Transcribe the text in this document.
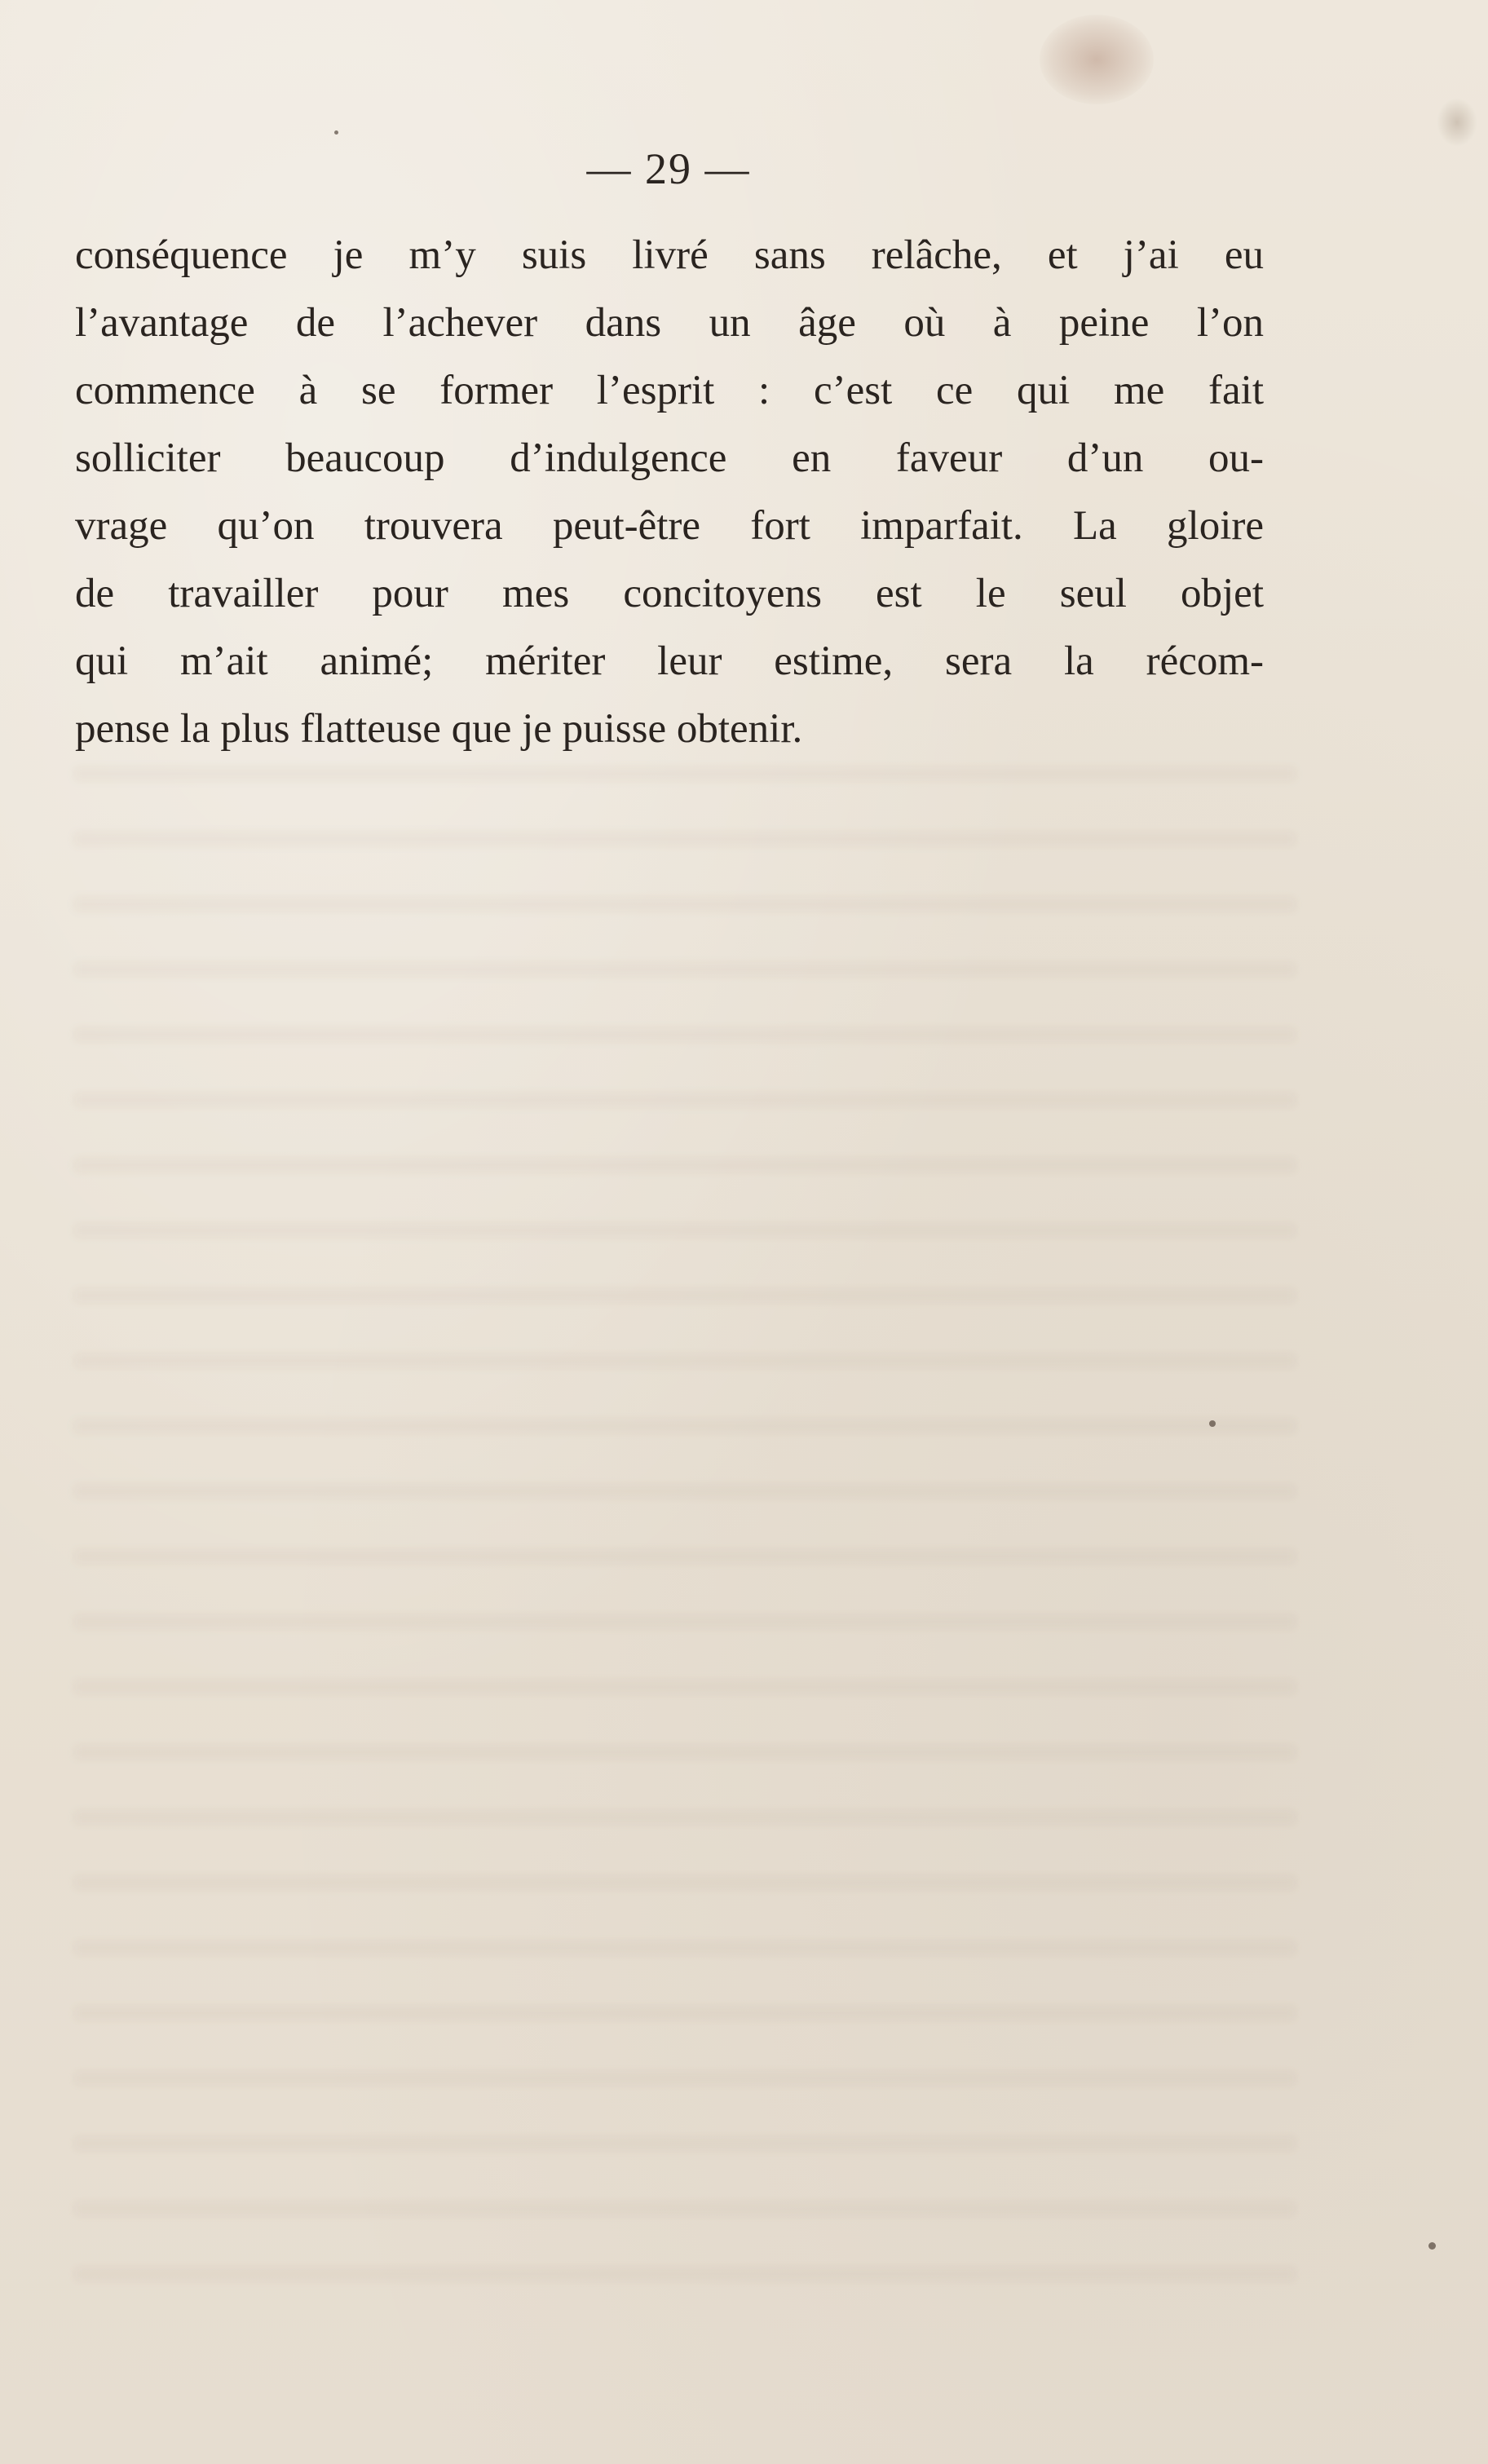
— 29 —
conséquence je m’y suis livré sans relâche, et j’ai eu
l’avantage de l’achever dans un âge où à peine l’on
commence à se former l’esprit : c’est ce qui me fait
solliciter beaucoup d’indulgence en faveur d’un ou-
vrage qu’on trouvera peut-être fort imparfait. La gloire
de travailler pour mes concitoyens est le seul objet
qui m’ait animé; mériter leur estime, sera la récom-
pense la plus flatteuse que je puisse obtenir.
